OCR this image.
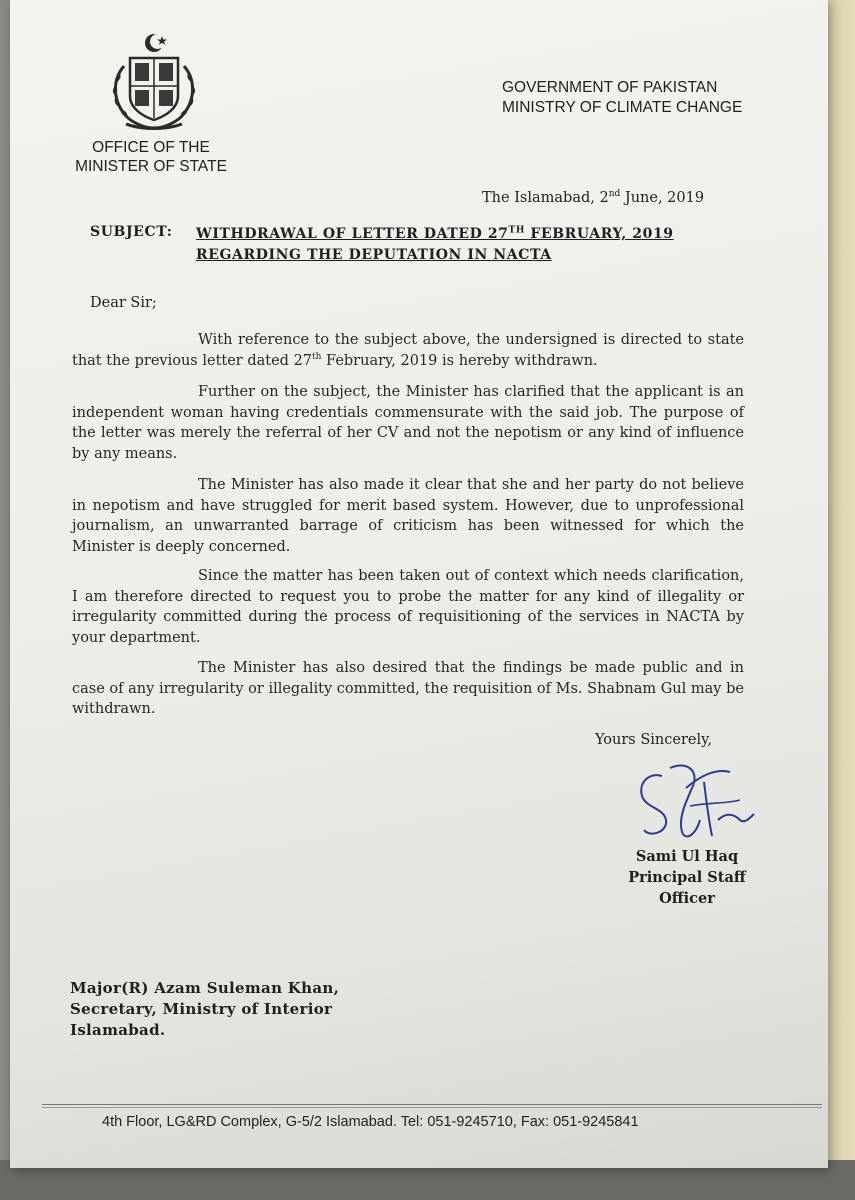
OFFICE OF THE
MINISTER OF STATE
GOVERNMENT OF PAKISTAN
MINISTRY OF CLIMATE CHANGE
The Islamabad, 2nd June, 2019
SUBJECT: WITHDRAWAL OF LETTER DATED 27TH FEBRUARY, 2019
REGARDING THE DEPUTATION IN NACTA
Dear Sir;
With reference to the subject above, the undersigned is directed to state that the previous letter dated 27th February, 2019 is hereby withdrawn.
Further on the subject, the Minister has clarified that the applicant is an independent woman having credentials commensurate with the said job. The purpose of the letter was merely the referral of her CV and not the nepotism or any kind of influence by any means.
The Minister has also made it clear that she and her party do not believe in nepotism and have struggled for merit based system. However, due to unprofessional journalism, an unwarranted barrage of criticism has been witnessed for which the Minister is deeply concerned.
Since the matter has been taken out of context which needs clarification, I am therefore directed to request you to probe the matter for any kind of illegality or irregularity committed during the process of requisitioning of the services in NACTA by your department.
The Minister has also desired that the findings be made public and in case of any irregularity or illegality committed, the requisition of Ms. Shabnam Gul may be withdrawn.
Yours Sincerely,
Sami Ul Haq
Principal Staff
Officer
Major(R) Azam Suleman Khan,
Secretary, Ministry of Interior
Islamabad.
4th Floor, LG&RD Complex, G-5/2 Islamabad. Tel: 051-9245710, Fax: 051-9245841
